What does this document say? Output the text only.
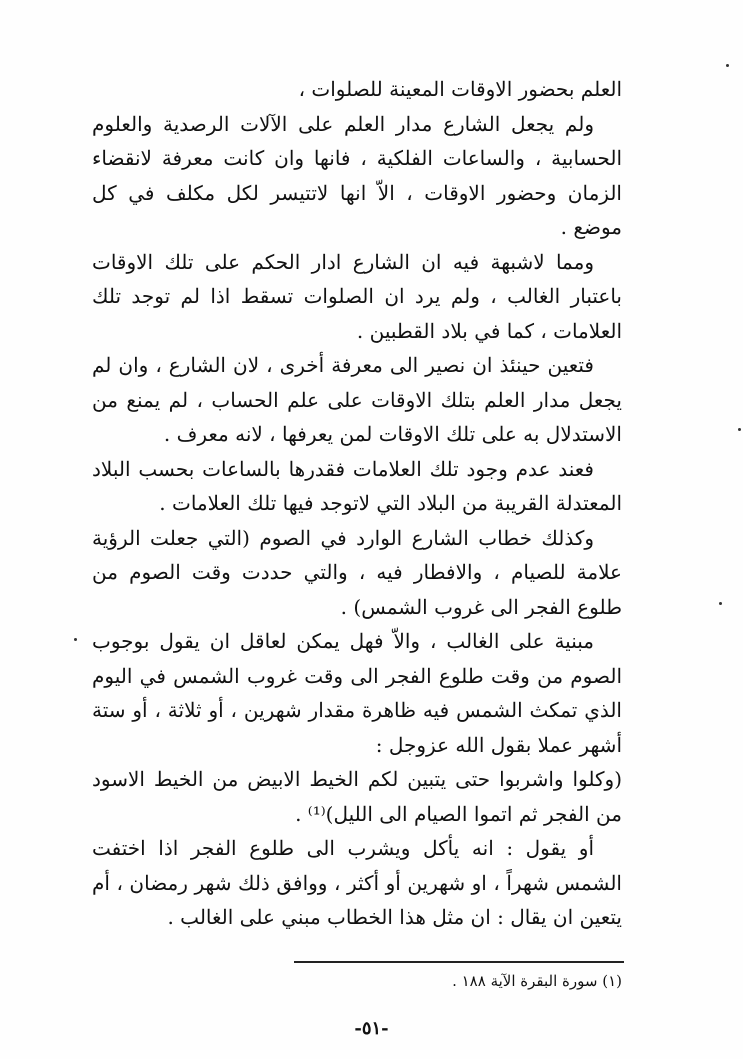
العلم بحضور الاوقات المعينة للصلوات ،

ولم يجعل الشارع مدار العلم على الآلات الرصدية والعلوم الحسابية ، والساعات الفلكية ، فانها وان كانت معرفة لانقضاء الزمان وحضور الاوقات ، الاّ انها لاتتيسر لكل مكلف في كل موضع .

ومما لاشبهة فيه ان الشارع ادار الحكم على تلك الاوقات باعتبار الغالب ، ولم يرد ان الصلوات تسقط اذا لم توجد تلك العلامات ، كما في بلاد القطبين .

فتعين حينئذ ان نصير الى معرفة أخرى ، لان الشارع ، وان لم يجعل مدار العلم بتلك الاوقات على علم الحساب ، لم يمنع من الاستدلال به على تلك الاوقات لمن يعرفها ، لانه معرف .

فعند عدم وجود تلك العلامات فقدرها بالساعات بحسب البلاد المعتدلة القريبة من البلاد التي لاتوجد فيها تلك العلامات .

وكذلك خطاب الشارع الوارد في الصوم (التي جعلت الرؤية علامة للصيام ، والافطار فيه ، والتي حددت وقت الصوم من طلوع الفجر الى غروب الشمس) .

مبنية على الغالب ، والاّ فهل يمكن لعاقل ان يقول بوجوب الصوم من وقت طلوع الفجر الى وقت غروب الشمس في اليوم الذي تمكث الشمس فيه ظاهرة مقدار شهرين ، أو ثلاثة ، أو ستة أشهر عملا بقول الله عزوجل :

(وكلوا واشربوا حتى يتبين لكم الخيط الابيض من الخيط الاسود من الفجر ثم اتموا الصيام الى الليل)⁽¹⁾ .

أو يقول : انه يأكل ويشرب الى طلوع الفجر اذا اختفت الشمس شهراً ، او شهرين أو أكثر ، ووافق ذلك شهر رمضان ، أم يتعين ان يقال : ان مثل هذا الخطاب مبني على الغالب .

(١) سورة البقرة الآية ١٨٨ .
-٥١-
